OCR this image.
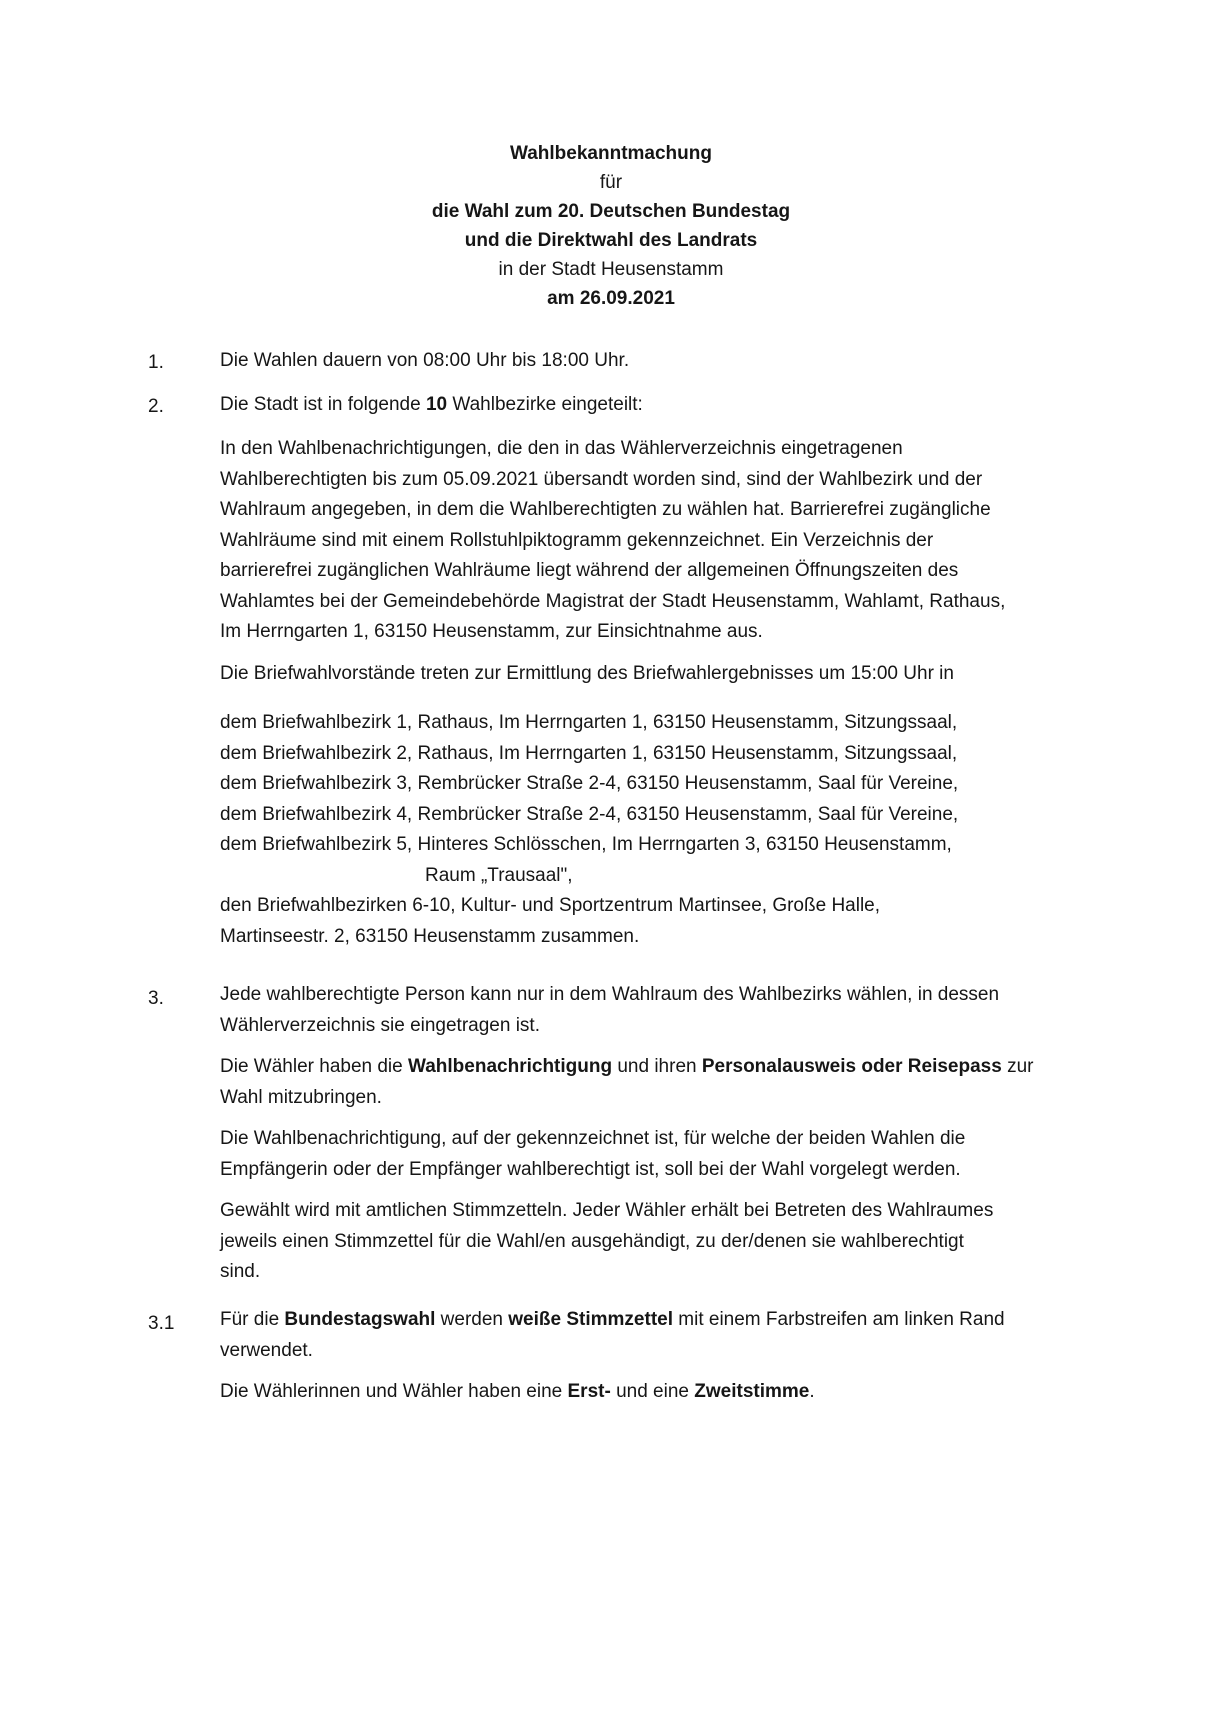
Wahlbekanntmachung
für
die Wahl zum 20. Deutschen Bundestag
und die Direktwahl des Landrats
in der Stadt Heusenstamm
am 26.09.2021
1.	Die Wahlen dauern von 08:00 Uhr bis 18:00 Uhr.

2.	Die Stadt ist in folgende 10 Wahlbezirke eingeteilt:

In den Wahlbenachrichtigungen, die den in das Wählerverzeichnis eingetragenen

Wahlberechtigten bis zum 05.09.2021 übersandt worden sind, sind der Wahlbezirk und der

Wahlraum angegeben, in dem die Wahlberechtigten zu wählen hat. Barrierefrei zugängliche

Wahlräume sind mit einem Rollstuhlpiktogramm gekennzeichnet. Ein Verzeichnis der

barrierefrei zugänglichen Wahlräume liegt während der allgemeinen Öffnungszeiten des

Wahlamtes bei der Gemeindebehörde Magistrat der Stadt Heusenstamm, Wahlamt, Rathaus,

Im Herrngarten 1, 63150 Heusenstamm, zur Einsichtnahme aus.

Die Briefwahlvorstände treten zur Ermittlung des Briefwahlergebnisses um 15:00 Uhr in

dem Briefwahlbezirk 1, Rathaus, Im Herrngarten 1, 63150 Heusenstamm, Sitzungssaal,

dem Briefwahlbezirk 2, Rathaus, Im Herrngarten 1, 63150 Heusenstamm, Sitzungssaal,

dem Briefwahlbezirk 3, Rembrücker Straße 2-4, 63150 Heusenstamm, Saal für Vereine,

dem Briefwahlbezirk 4, Rembrücker Straße 2-4, 63150 Heusenstamm, Saal für Vereine,

dem Briefwahlbezirk 5, Hinteres Schlösschen, Im Herrngarten 3, 63150 Heusenstamm,

Raum „Trausaal",

den Briefwahlbezirken 6-10, Kultur- und Sportzentrum Martinsee, Große Halle,

Martinseestr. 2, 63150 Heusenstamm zusammen.

3.	Jede wahlberechtigte Person kann nur in dem Wahlraum des Wahlbezirks wählen, in dessen

Wählerverzeichnis sie eingetragen ist.

Die Wähler haben die Wahlbenachrichtigung und ihren Personalausweis oder Reisepass zur

Wahl mitzubringen.

Die Wahlbenachrichtigung, auf der gekennzeichnet ist, für welche der beiden Wahlen die

Empfängerin oder der Empfänger wahlberechtigt ist, soll bei der Wahl vorgelegt werden.

Gewählt wird mit amtlichen Stimmzetteln. Jeder Wähler erhält bei Betreten des Wahlraumes

jeweils einen Stimmzettel für die Wahl/en ausgehändigt, zu der/denen sie wahlberechtigt

sind.

3.1 Für die Bundestagswahl werden weiße Stimmzettel mit einem Farbstreifen am linken Rand

verwendet.

Die Wählerinnen und Wähler haben eine Erst- und eine Zweitstimme.
